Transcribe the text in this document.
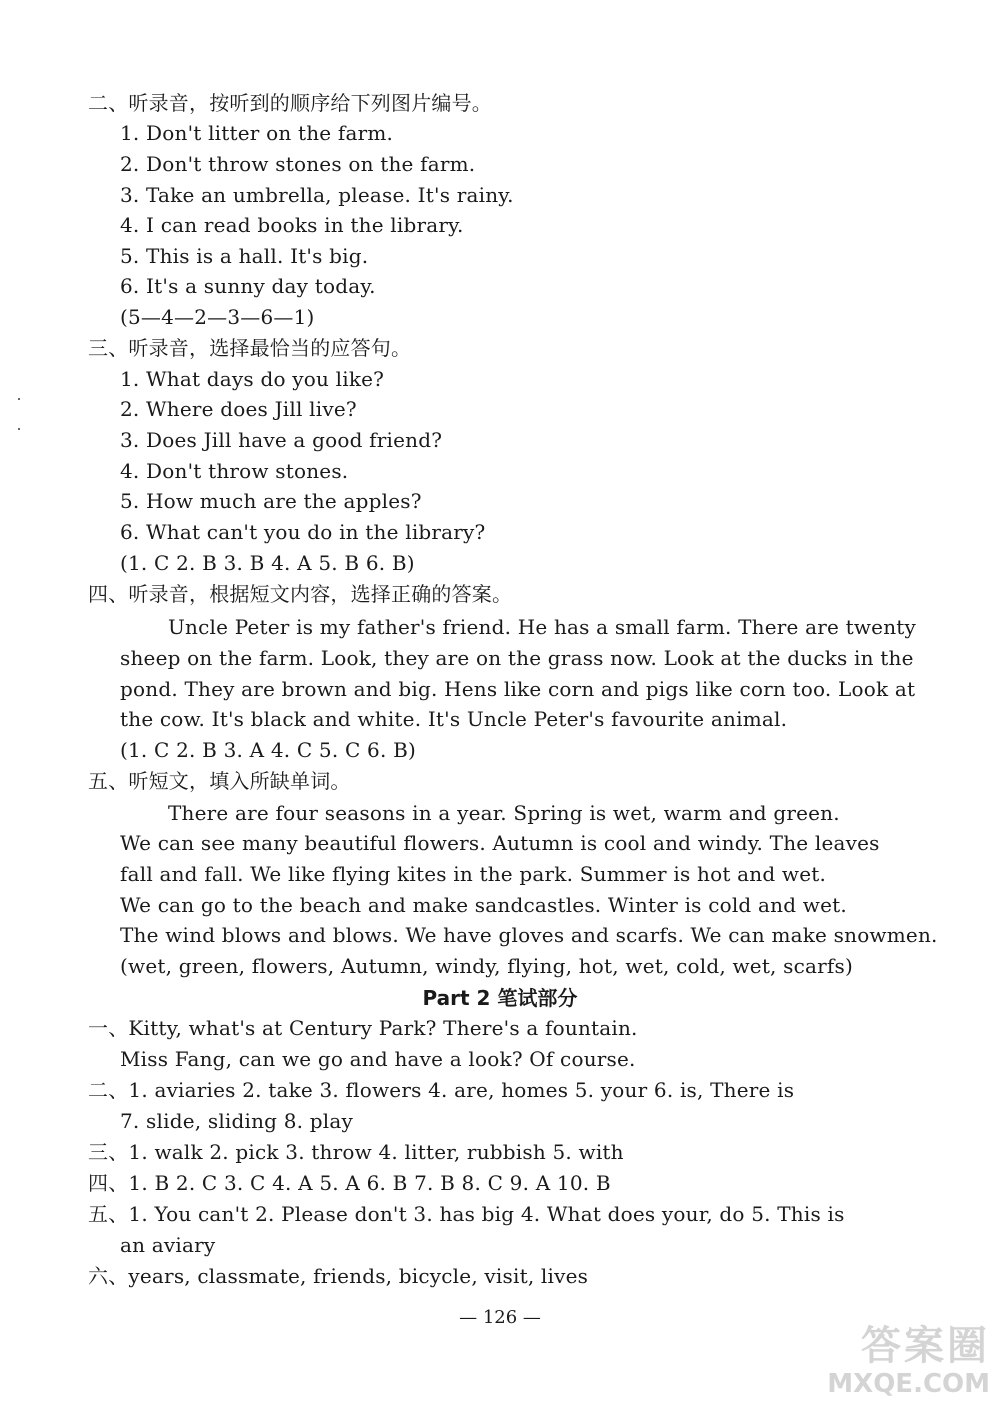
二、听录音，按听到的顺序给下列图片编号。
1. Don't litter on the farm.
2. Don't throw stones on the farm.
3. Take an umbrella, please. It's rainy.
4. I can read books in the library.
5. This is a hall. It's big.
6. It's a sunny day today.
(5—4—2—3—6—1)
三、听录音，选择最恰当的应答句。
1. What days do you like?
2. Where does Jill live?
3. Does Jill have a good friend?
4. Don't throw stones.
5. How much are the apples?
6. What can't you do in the library?
(1. C 2. B 3. B 4. A 5. B 6. B)
四、听录音，根据短文内容，选择正确的答案。
Uncle Peter is my father's friend. He has a small farm. There are twenty
sheep on the farm. Look, they are on the grass now. Look at the ducks in the
pond. They are brown and big. Hens like corn and pigs like corn too. Look at
the cow. It's black and white. It's Uncle Peter's favourite animal.
(1. C 2. B 3. A 4. C 5. C 6. B)
五、听短文，填入所缺单词。
There are four seasons in a year. Spring is wet, warm and green.
We can see many beautiful flowers. Autumn is cool and windy. The leaves
fall and fall. We like flying kites in the park. Summer is hot and wet.
We can go to the beach and make sandcastles. Winter is cold and wet.
The wind blows and blows. We have gloves and scarfs. We can make snowmen.
(wet, green, flowers, Autumn, windy, flying, hot, wet, cold, wet, scarfs)
Part 2 笔试部分
一、Kitty, what's at Century Park? There's a fountain.
Miss Fang, can we go and have a look? Of course.
二、1. aviaries 2. take 3. flowers 4. are, homes 5. your 6. is, There is
7. slide, sliding 8. play
三、1. walk 2. pick 3. throw 4. litter, rubbish 5. with
四、1. B 2. C 3. C 4. A 5. A 6. B 7. B 8. C 9. A 10. B
五、1. You can't 2. Please don't 3. has big 4. What does your, do 5. This is
an aviary
六、years, classmate, friends, bicycle, visit, lives
— 126 —
答案圈
MXQE.COM
